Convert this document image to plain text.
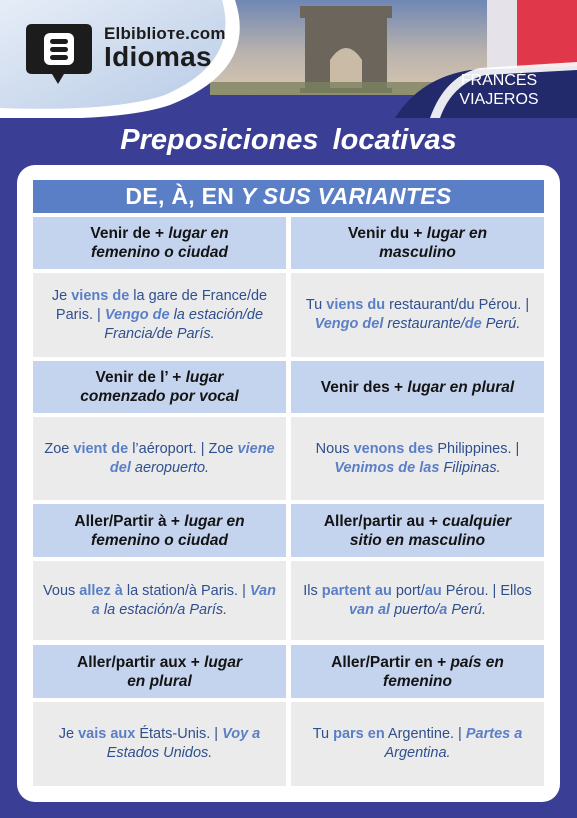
Elbiblioте.com
Idiomas
FRANCÉS
VIAJEROS
Preposiciones locativas
DE, À, EN Y SUS VARIANTES
Venir de + lugar en
femenino o ciudad
Venir du + lugar en
masculino
Je viens de la gare de France/de Paris. | Vengo de la estación/de Francia/de París.
Tu viens du restaurant/du Pérou. | Vengo del restaurante/de Perú.
Venir de l’ + lugar
comenzado por vocal
Venir des + lugar en plural
Zoe vient de l’aéroport. | Zoe viene del aeropuerto.
Nous venons des Philippines. | Venimos de las Filipinas.
Aller/Partir à + lugar en
femenino o ciudad
Aller/partir au + cualquier
sitio en masculino
Vous allez à la station/à Paris. | Van a la estación/a París.
Ils partent au port/au Pérou. | Ellos van al puerto/a Perú.
Aller/partir aux + lugar
en plural
Aller/Partir en + país en
femenino
Je vais aux États-Unis. | Voy a Estados Unidos.
Tu pars en Argentine. | Partes a Argentina.
